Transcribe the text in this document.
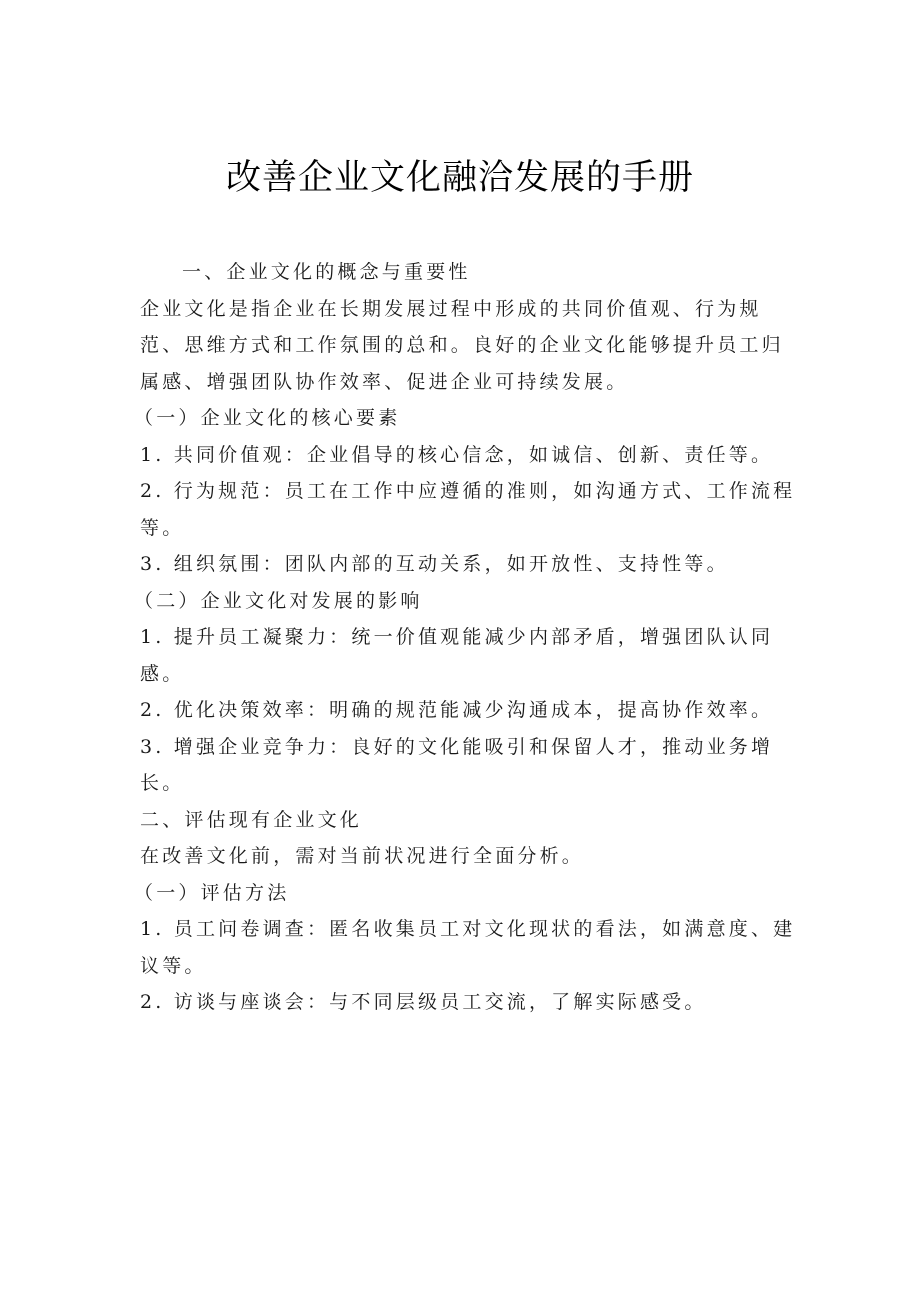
改善企业文化融洽发展的手册
一、企业文化的概念与重要性
企业文化是指企业在长期发展过程中形成的共同价值观、行为规
范、思维方式和工作氛围的总和。良好的企业文化能够提升员工归
属感、增强团队协作效率、促进企业可持续发展。
（一）企业文化的核心要素
1. 共同价值观：企业倡导的核心信念，如诚信、创新、责任等。
2. 行为规范：员工在工作中应遵循的准则，如沟通方式、工作流程
等。
3. 组织氛围：团队内部的互动关系，如开放性、支持性等。
（二）企业文化对发展的影响
1. 提升员工凝聚力：统一价值观能减少内部矛盾，增强团队认同
感。
2. 优化决策效率：明确的规范能减少沟通成本，提高协作效率。
3. 增强企业竞争力：良好的文化能吸引和保留人才，推动业务增
长。
二、评估现有企业文化
在改善文化前，需对当前状况进行全面分析。
（一）评估方法
1. 员工问卷调查：匿名收集员工对文化现状的看法，如满意度、建
议等。
2. 访谈与座谈会：与不同层级员工交流，了解实际感受。
